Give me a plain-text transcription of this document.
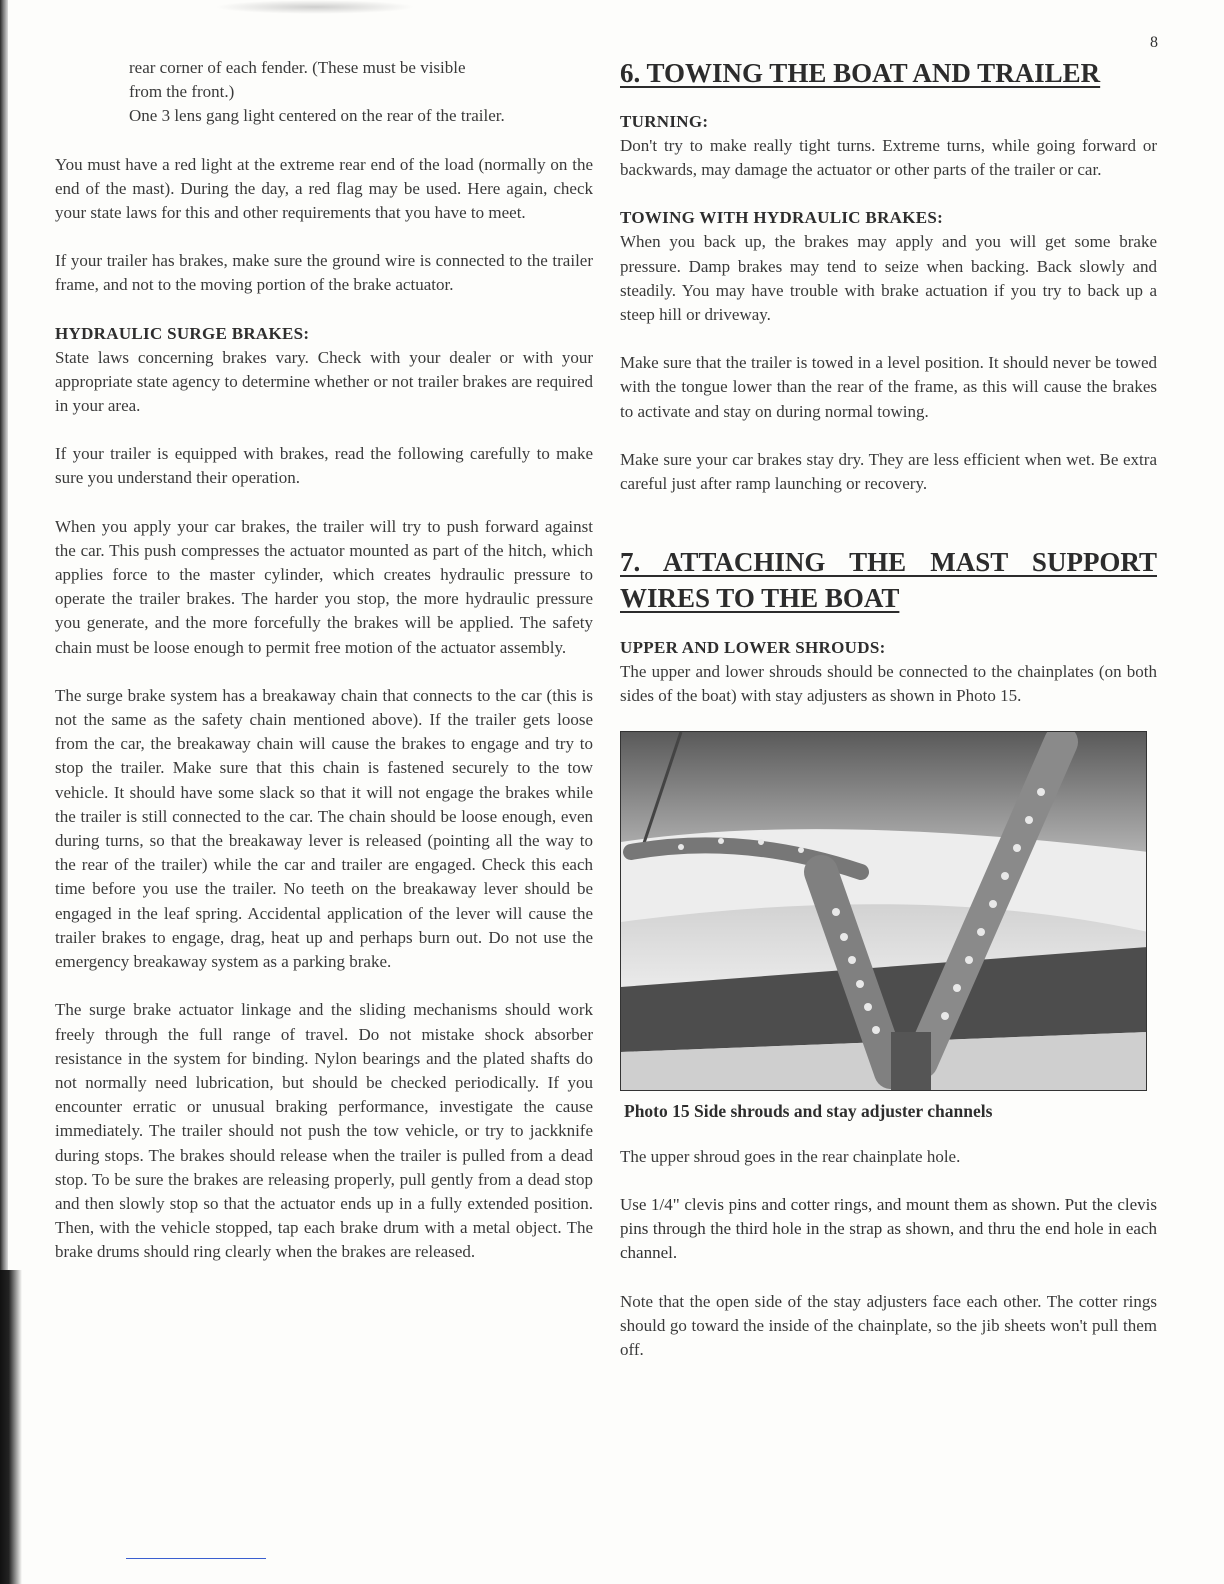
8

rear corner of each fender. (These must be visible

from the front.)

One 3 lens gang light centered on the rear of the trailer.

You must have a red light at the extreme rear end of the load (normally on the end of the mast). During the day, a red flag may be used. Here again, check your state laws for this and other requirements that you have to meet.

If your trailer has brakes, make sure the ground wire is connected to the trailer frame, and not to the moving portion of the brake actuator.

HYDRAULIC SURGE BRAKES:

State laws concerning brakes vary. Check with your dealer or with your appropriate state agency to determine whether or not trailer brakes are required in your area.

If your trailer is equipped with brakes, read the following carefully to make sure you understand their operation.

When you apply your car brakes, the trailer will try to push forward against the car. This push compresses the actuator mounted as part of the hitch, which applies force to the master cylinder, which creates hydraulic pressure to operate the trailer brakes. The harder you stop, the more hydraulic pressure you generate, and the more forcefully the brakes will be applied. The safety chain must be loose enough to permit free motion of the actuator assembly.

The surge brake system has a breakaway chain that connects to the car (this is not the same as the safety chain mentioned above). If the trailer gets loose from the car, the breakaway chain will cause the brakes to engage and try to stop the trailer. Make sure that this chain is fastened securely to the tow vehicle. It should have some slack so that it will not engage the brakes while the trailer is still connected to the car. The chain should be loose enough, even during turns, so that the breakaway lever is released (pointing all the way to the rear of the trailer) while the car and trailer are engaged. Check this each time before you use the trailer. No teeth on the breakaway lever should be engaged in the leaf spring. Accidental application of the lever will cause the trailer brakes to engage, drag, heat up and perhaps burn out. Do not use the emergency breakaway system as a parking brake.

The surge brake actuator linkage and the sliding mechanisms should work freely through the full range of travel. Do not mistake shock absorber resistance in the system for binding. Nylon bearings and the plated shafts do not normally need lubrication, but should be checked periodically. If you encounter erratic or unusual braking performance, investigate the cause immediately. The trailer should not push the tow vehicle, or try to jackknife during stops. The brakes should release when the trailer is pulled from a dead stop. To be sure the brakes are releasing properly, pull gently from a dead stop and then slowly stop so that the actuator ends up in a fully extended position. Then, with the vehicle stopped, tap each brake drum with a metal object. The brake drums should ring clearly when the brakes are released.

6. TOWING THE BOAT AND TRAILER

TURNING:

Don't try to make really tight turns. Extreme turns, while going forward or backwards, may damage the actuator or other parts of the trailer or car.

TOWING WITH HYDRAULIC BRAKES:

When you back up, the brakes may apply and you will get some brake pressure. Damp brakes may tend to seize when backing. Back slowly and steadily. You may have trouble with brake actuation if you try to back up a steep hill or driveway.

Make sure that the trailer is towed in a level position. It should never be towed with the tongue lower than the rear of the frame, as this will cause the brakes to activate and stay on during normal towing.

Make sure your car brakes stay dry. They are less efficient when wet. Be extra careful just after ramp launching or recovery.

7. ATTACHING THE MAST SUPPORT WIRES TO THE BOAT

UPPER AND LOWER SHROUDS:

The upper and lower shrouds should be connected to the chainplates (on both sides of the boat) with stay adjusters as shown in Photo 15.

Photo 15 Side shrouds and stay adjuster channels

The upper shroud goes in the rear chainplate hole.

Use 1/4" clevis pins and cotter rings, and mount them as shown. Put the clevis pins through the third hole in the strap as shown, and thru the end hole in each channel.

Note that the open side of the stay adjusters face each other. The cotter rings should go toward the inside of the chainplate, so the jib sheets won't pull them off.
